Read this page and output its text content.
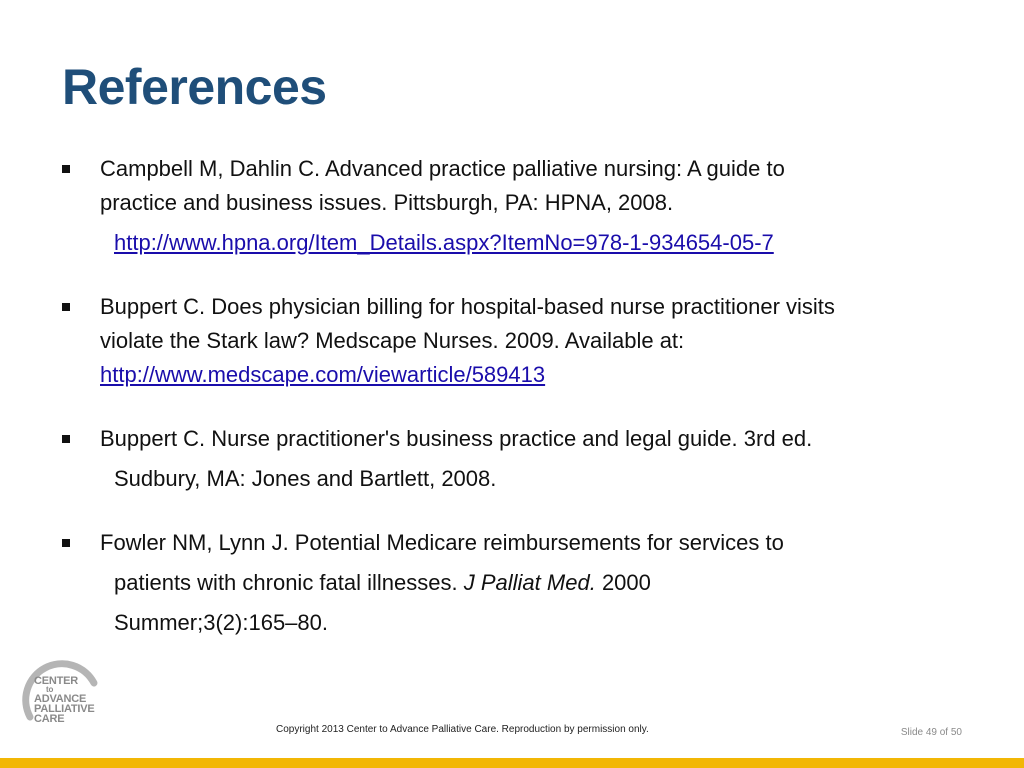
References
Campbell M, Dahlin C. Advanced practice palliative nursing: A guide to
practice and business issues. Pittsburgh, PA: HPNA, 2008.
http://www.hpna.org/Item_Details.aspx?ItemNo=978-1-934654-05-7
Buppert C. Does physician billing for hospital-based nurse practitioner visits
violate the Stark law? Medscape Nurses. 2009. Available at:
http://www.medscape.com/viewarticle/589413
Buppert C. Nurse practitioner's business practice and legal guide. 3rd ed.
Sudbury, MA: Jones and Bartlett, 2008.
Fowler NM, Lynn J. Potential Medicare reimbursements for services to
patients with chronic fatal illnesses. J Palliat Med. 2000
Summer;3(2):165–80.
CENTER
to
ADVANCE
PALLIATIVE
CARE
Copyright 2013 Center to Advance Palliative Care. Reproduction by permission only.	Slide 49 of 50
